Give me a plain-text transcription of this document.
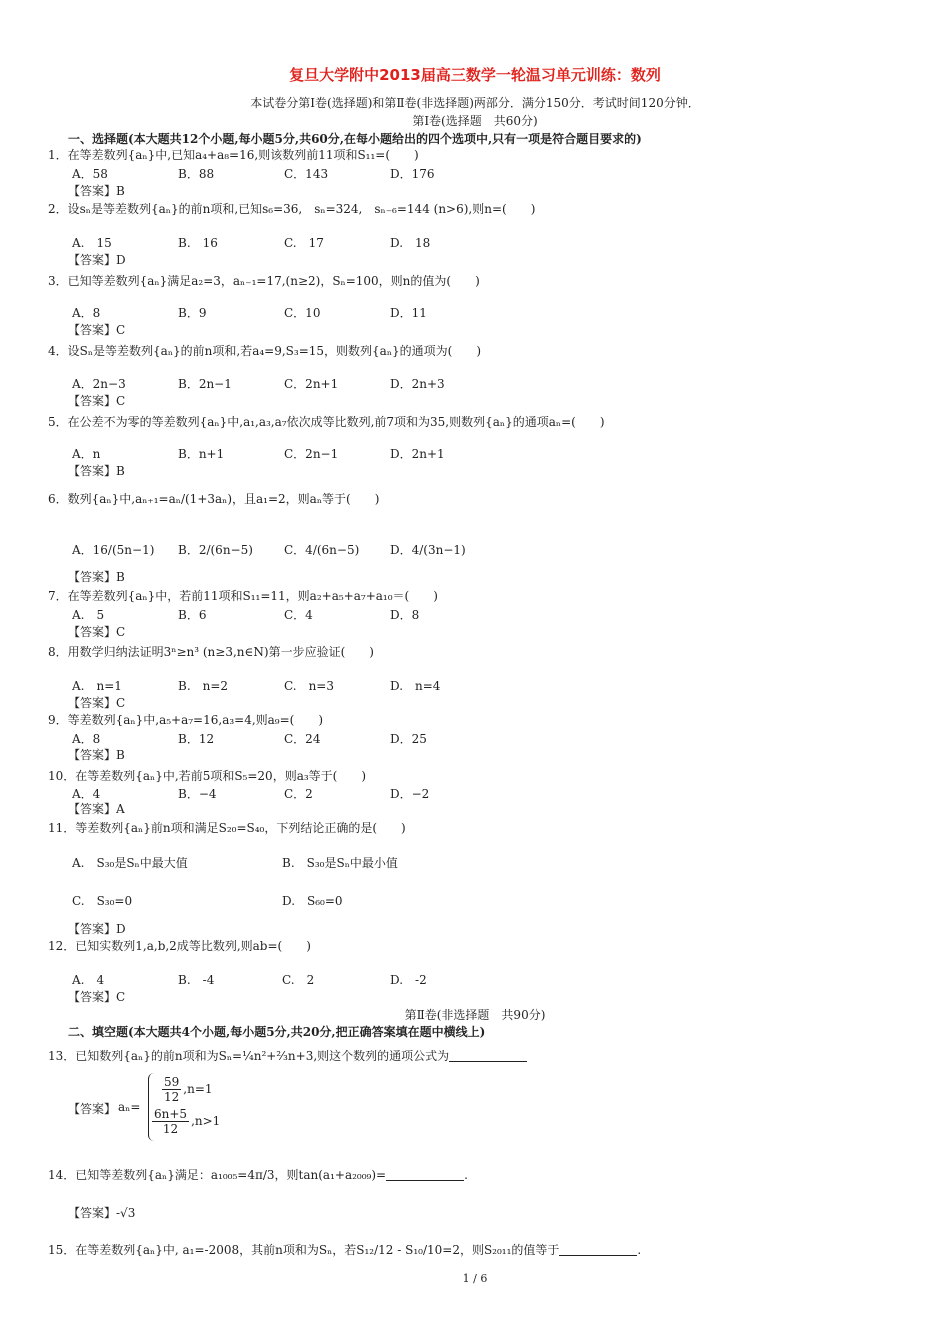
复旦大学附中2013届高三数学一轮温习单元训练：数列
本试卷分第Ⅰ卷(选择题)和第Ⅱ卷(非选择题)两部分．满分150分．考试时间120分钟．
第Ⅰ卷(选择题　共60分)
一、选择题(本大题共12个小题,每小题5分,共60分,在每小题给出的四个选项中,只有一项是符合题目要求的)
1．在等差数列{aₙ}中,已知a₄+a₈=16,则该数列前11项和S₁₁=(　　)
A．58	B．88	C．143	D．176
【答案】B
2．设sₙ是等差数列{aₙ}的前n项和,已知s₆=36,　sₙ=324,　sₙ₋₆=144 (n>6),则n=(　　)
A.　15	B.　16	C.　17	D.　18
【答案】D
3．已知等差数列{aₙ}满足a₂=3，aₙ₋₁=17,(n≥2)，Sₙ=100，则n的值为(　　)
A．8	B．9	C．10	D．11
【答案】C
4．设Sₙ是等差数列{aₙ}的前n项和,若a₄=9,S₃=15，则数列{aₙ}的通项为(　　)
A．2n−3	B．2n−1	C．2n+1	D．2n+3
【答案】C
5．在公差不为零的等差数列{aₙ}中,a₁,a₃,a₇依次成等比数列,前7项和为35,则数列{aₙ}的通项aₙ=(　　)
A．n	B．n+1	C．2n−1	D．2n+1
【答案】B
6．数列{aₙ}中,aₙ₊₁=aₙ/(1+3aₙ)，且a₁=2，则aₙ等于(　　)
A．16/(5n−1) B．2/(6n−5)	C．4/(6n−5)	D．4/(3n−1)
【答案】B
7．在等差数列{aₙ}中，若前11项和S₁₁=11，则a₂+a₅+a₇+a₁₀＝(　　)
A.　5	B．6	C．4	D．8
【答案】C
8．用数学归纳法证明3ⁿ≥n³ (n≥3,n∈N)第一步应验证(　　)
A.　n=1	B.　n=2	C.　n=3	D.　n=4
【答案】C
9．等差数列{aₙ}中,a₅+a₇=16,a₃=4,则a₉=(　　)
A．8	B．12	C．24	D．25
【答案】B
10．在等差数列{aₙ}中,若前5项和S₅=20，则a₃等于(　　)
A．4	B．−4	C．2	D．−2
【答案】A
11．等差数列{aₙ}前n项和满足S₂₀=S₄₀，下列结论正确的是(　　)
A.　S₃₀是Sₙ中最大值	B.　S₃₀是Sₙ中最小值
C.　S₃₀=0	D.　S₆₀=0
【答案】D
12．已知实数列1,a,b,2成等比数列,则ab=(　　)
A.　4	B.　-4	C.　2	D.　-2
【答案】C
第Ⅱ卷(非选择题　共90分)
二、填空题(本大题共4个小题,每小题5分,共20分,把正确答案填在题中横线上)
13．已知数列{aₙ}的前n项和为Sₙ=¼n²+⅔n+3,则这个数列的通项公式为
【答案】 aₙ=
$\frac{59}{12} ,n=1$
$\frac{6n+5}{12} ,n>1$
14．已知等差数列{aₙ}满足：a₁₀₀₅=4π/3，则tan(a₁+a₂₀₀₉)=	.
【答案】-√3
15．在等差数列{aₙ}中, a₁=-2008，其前n项和为Sₙ，若S₁₂/12 - S₁₀/10=2，则S₂₀₁₁的值等于	.
1 / 6
